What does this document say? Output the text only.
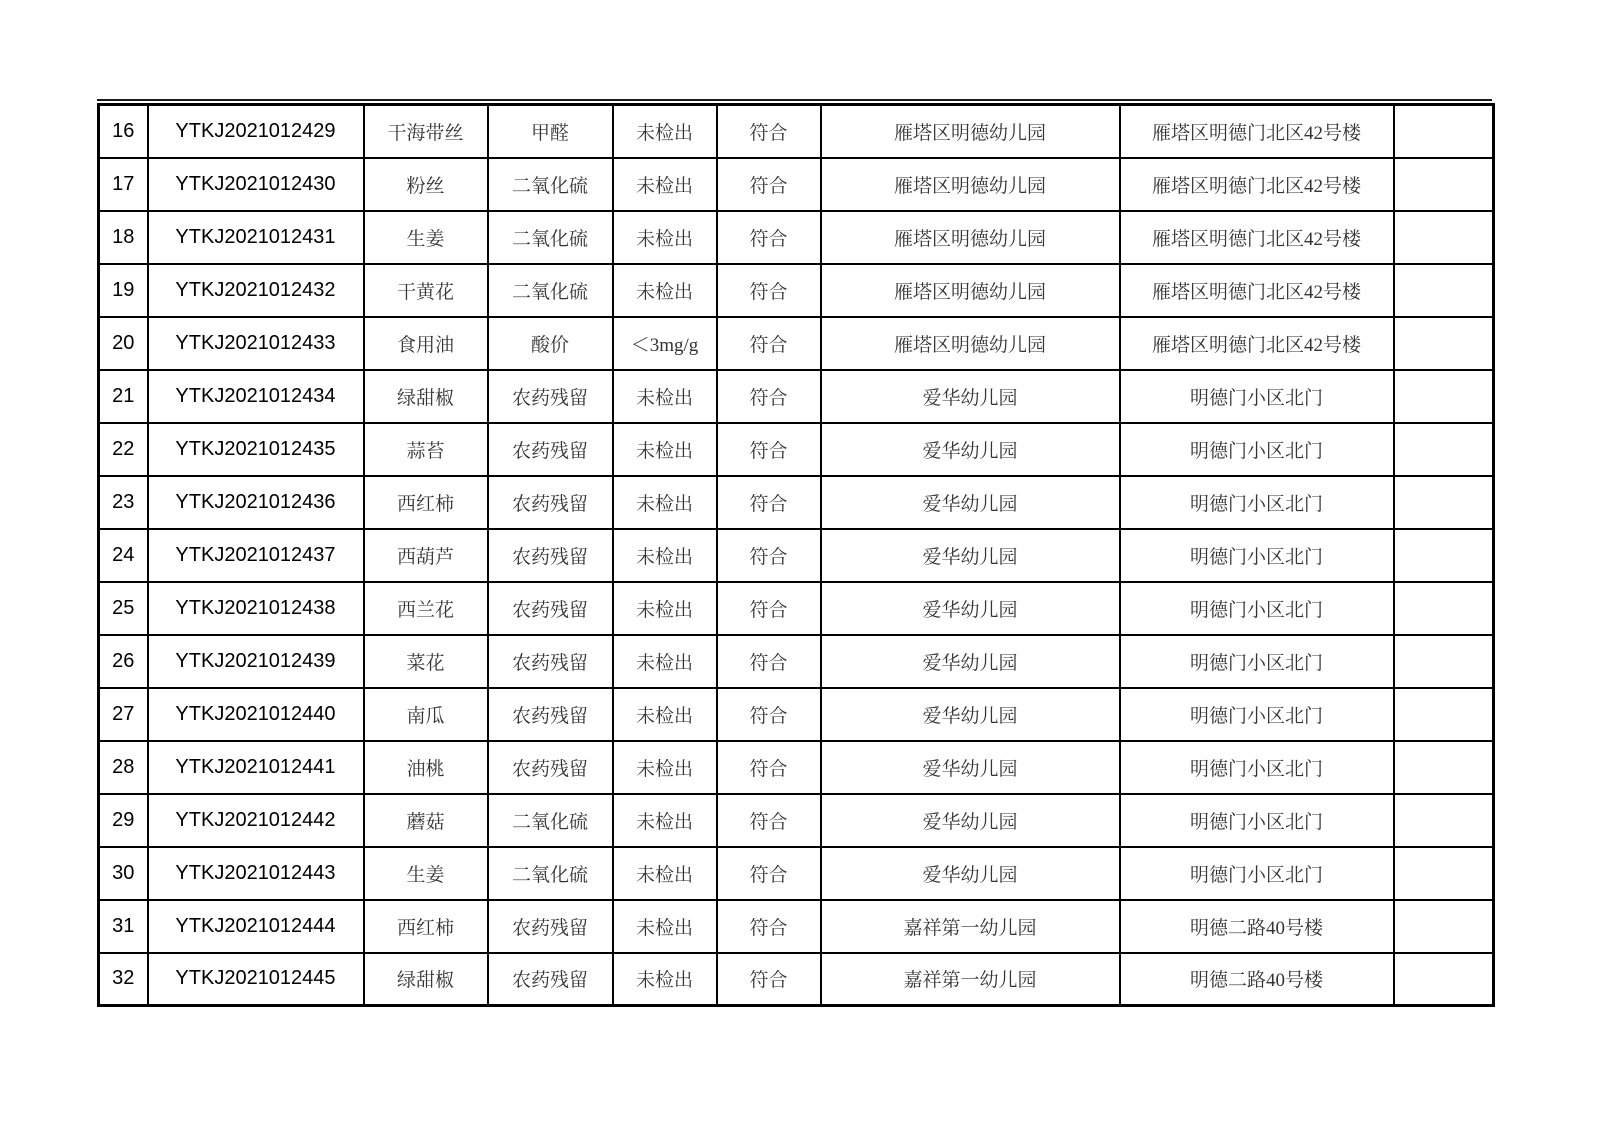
16	YTKJ2021012429	干海带丝	甲醛	未检出	符合	雁塔区明德幼儿园	雁塔区明德门北区42号楼	
17	YTKJ2021012430	粉丝	二氧化硫	未检出	符合	雁塔区明德幼儿园	雁塔区明德门北区42号楼	
18	YTKJ2021012431	生姜	二氧化硫	未检出	符合	雁塔区明德幼儿园	雁塔区明德门北区42号楼	
19	YTKJ2021012432	干黄花	二氧化硫	未检出	符合	雁塔区明德幼儿园	雁塔区明德门北区42号楼	
20	YTKJ2021012433	食用油	酸价	＜3mg/g	符合	雁塔区明德幼儿园	雁塔区明德门北区42号楼	
21	YTKJ2021012434	绿甜椒	农药残留	未检出	符合	爱华幼儿园	明德门小区北门	
22	YTKJ2021012435	蒜苔	农药残留	未检出	符合	爱华幼儿园	明德门小区北门	
23	YTKJ2021012436	西红柿	农药残留	未检出	符合	爱华幼儿园	明德门小区北门	
24	YTKJ2021012437	西葫芦	农药残留	未检出	符合	爱华幼儿园	明德门小区北门	
25	YTKJ2021012438	西兰花	农药残留	未检出	符合	爱华幼儿园	明德门小区北门	
26	YTKJ2021012439	菜花	农药残留	未检出	符合	爱华幼儿园	明德门小区北门	
27	YTKJ2021012440	南瓜	农药残留	未检出	符合	爱华幼儿园	明德门小区北门	
28	YTKJ2021012441	油桃	农药残留	未检出	符合	爱华幼儿园	明德门小区北门	
29	YTKJ2021012442	蘑菇	二氧化硫	未检出	符合	爱华幼儿园	明德门小区北门	
30	YTKJ2021012443	生姜	二氧化硫	未检出	符合	爱华幼儿园	明德门小区北门	
31	YTKJ2021012444	西红柿	农药残留	未检出	符合	嘉祥第一幼儿园	明德二路40号楼	
32	YTKJ2021012445	绿甜椒	农药残留	未检出	符合	嘉祥第一幼儿园	明德二路40号楼	
